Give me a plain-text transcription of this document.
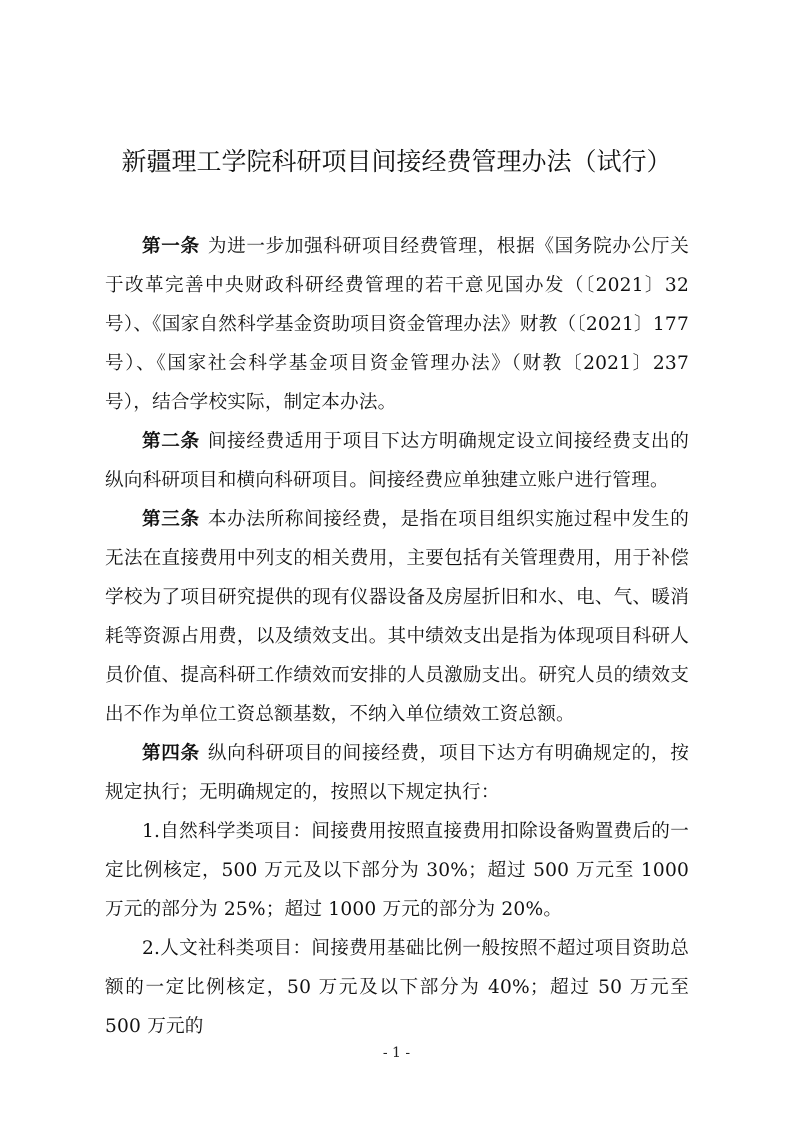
新疆理工学院科研项目间接经费管理办法（试行）

第一条 为进一步加强科研项目经费管理，根据《国务院办公厅关于改革完善中央财政科研经费管理的若干意见国办发（〔2021〕32 号）、《国家自然科学基金资助项目资金管理办法》财教（〔2021〕177 号）、《国家社会科学基金项目资金管理办法》（财教〔2021〕237 号），结合学校实际，制定本办法。

第二条 间接经费适用于项目下达方明确规定设立间接经费支出的纵向科研项目和横向科研项目。间接经费应单独建立账户进行管理。

第三条 本办法所称间接经费，是指在项目组织实施过程中发生的无法在直接费用中列支的相关费用，主要包括有关管理费用，用于补偿学校为了项目研究提供的现有仪器设备及房屋折旧和水、电、气、暖消耗等资源占用费，以及绩效支出。其中绩效支出是指为体现项目科研人员价值、提高科研工作绩效而安排的人员激励支出。研究人员的绩效支出不作为单位工资总额基数，不纳入单位绩效工资总额。

第四条 纵向科研项目的间接经费，项目下达方有明确规定的，按规定执行；无明确规定的，按照以下规定执行：

1.自然科学类项目：间接费用按照直接费用扣除设备购置费后的一定比例核定，500 万元及以下部分为 30%；超过 500 万元至 1000 万元的部分为 25%；超过 1000 万元的部分为 20%。

2.人文社科类项目：间接费用基础比例一般按照不超过项目资助总额的一定比例核定，50 万元及以下部分为 40%；超过 50 万元至 500 万元的

- 1 -
